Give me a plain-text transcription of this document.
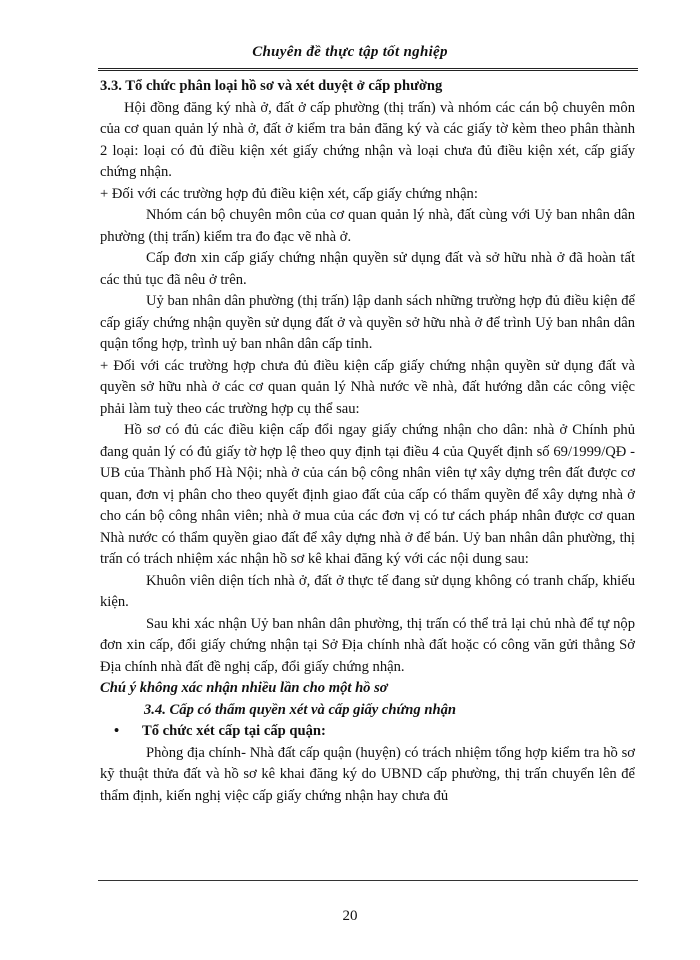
Chuyên đề thực tập tốt nghiệp

3.3. Tổ chức phân loại hồ sơ và xét duyệt ở cấp phường

Hội đồng đăng ký nhà ở, đất ở cấp phường (thị trấn) và nhóm các cán bộ chuyên môn của cơ quan quản lý nhà ở, đất ở kiểm tra bản đăng ký và các giấy tờ kèm theo phân thành 2 loại: loại có đủ điều kiện xét giấy chứng nhận và loại chưa đủ điều kiện xét, cấp giấy chứng nhận.

+ Đối với các trường hợp đủ điều kiện xét, cấp giấy chứng nhận:

Nhóm cán bộ chuyên môn của cơ quan quản lý nhà, đất cùng với Uỷ ban nhân dân phường (thị trấn) kiểm tra đo đạc vẽ nhà ở.

Cấp đơn xin cấp giấy chứng nhận quyền sử dụng đất và sở hữu nhà ở đã hoàn tất các thủ tục đã nêu ở trên.

Uỷ ban nhân dân phường (thị trấn) lập danh sách những trường hợp đủ điều kiện để cấp giấy chứng nhận quyền sử dụng đất ở và quyền sở hữu nhà ở để trình Uỷ ban nhân dân quận tổng hợp, trình uỷ ban nhân dân cấp tỉnh.

+ Đối với các trường hợp chưa đủ điều kiện cấp giấy chứng nhận quyền sử dụng đất và quyền sở hữu nhà ở các cơ quan quản lý Nhà nước về nhà, đất hướng dẫn các công việc phải làm tuỳ theo các trường hợp cụ thể sau:

Hồ sơ có đủ các điều kiện cấp đổi ngay giấy chứng nhận cho dân: nhà ở Chính phủ đang quản lý có đủ giấy tờ hợp lệ theo quy định tại điều 4 của Quyết định số 69/1999/QĐ - UB của Thành phố Hà Nội; nhà ở của cán bộ công nhân viên tự xây dựng trên đất được cơ quan, đơn vị phân cho theo quyết định giao đất của cấp có thẩm quyền để xây dựng nhà ở cho cán bộ công nhân viên; nhà ở mua của các đơn vị có tư cách pháp nhân được cơ quan Nhà nước có thẩm quyền giao đất để xây dựng nhà ở để bán. Uỷ ban nhân dân phường, thị trấn có trách nhiệm xác nhận hồ sơ kê khai đăng ký với các nội dung sau:

Khuôn viên diện tích nhà ở, đất ở thực tế đang sử dụng không có tranh chấp, khiếu kiện.

Sau khi xác nhận Uỷ ban nhân dân phường, thị trấn có thể trả lại chủ nhà để tự nộp đơn xin cấp, đổi giấy chứng nhận tại Sở Địa chính nhà đất hoặc có công văn gửi thẳng Sở Địa chính nhà đất đề nghị cấp, đổi giấy chứng nhận.

Chú ý không xác nhận nhiều lần cho một hồ sơ

3.4. Cấp có thẩm quyền xét và cấp giấy chứng nhận

•	Tổ chức xét cấp tại cấp quận:

Phòng địa chính- Nhà đất cấp quận (huyện) có trách nhiệm tổng hợp kiểm tra hồ sơ kỹ thuật thửa đất và hồ sơ kê khai đăng ký do UBND cấp phường, thị trấn chuyển lên để thẩm định, kiến nghị việc cấp giấy chứng nhận hay chưa đủ

20
